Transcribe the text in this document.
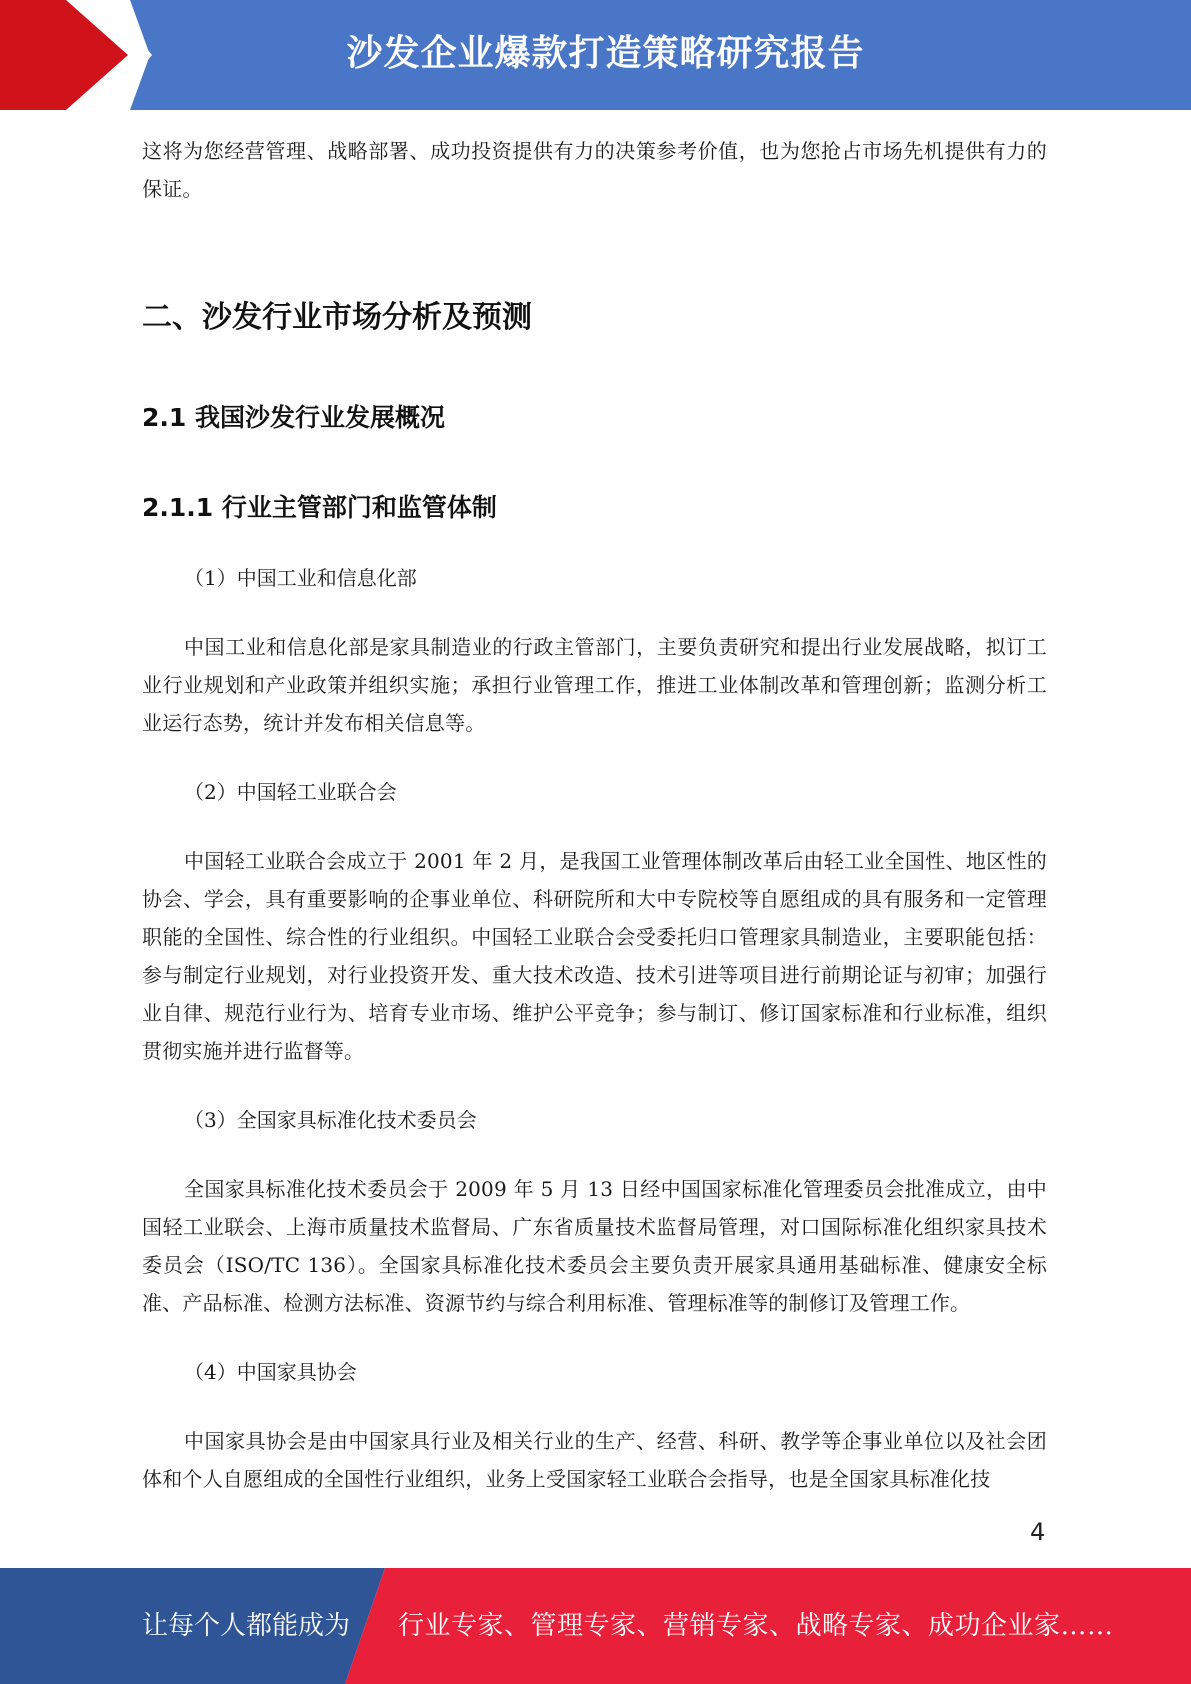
沙发企业爆款打造策略研究报告

这将为您经营管理、战略部署、成功投资提供有力的决策参考价值，也为您抢占市场先机提供有力的保证。

二、沙发行业市场分析及预测
2.1 我国沙发行业发展概况
2.1.1 行业主管部门和监管体制

（1）中国工业和信息化部

中国工业和信息化部是家具制造业的行政主管部门，主要负责研究和提出行业发展战略，拟订工业行业规划和产业政策并组织实施；承担行业管理工作，推进工业体制改革和管理创新；监测分析工业运行态势，统计并发布相关信息等。

（2）中国轻工业联合会

中国轻工业联合会成立于 2001 年 2 月，是我国工业管理体制改革后由轻工业全国性、地区性的协会、学会，具有重要影响的企事业单位、科研院所和大中专院校等自愿组成的具有服务和一定管理职能的全国性、综合性的行业组织。中国轻工业联合会受委托归口管理家具制造业，主要职能包括：参与制定行业规划，对行业投资开发、重大技术改造、技术引进等项目进行前期论证与初审；加强行业自律、规范行业行为、培育专业市场、维护公平竞争；参与制订、修订国家标准和行业标准，组织贯彻实施并进行监督等。

（3）全国家具标准化技术委员会

全国家具标准化技术委员会于 2009 年 5 月 13 日经中国国家标准化管理委员会批准成立，由中国轻工业联会、上海市质量技术监督局、广东省质量技术监督局管理，对口国际标准化组织家具技术委员会（ISO/TC 136）。全国家具标准化技术委员会主要负责开展家具通用基础标准、健康安全标准、产品标准、检测方法标准、资源节约与综合利用标准、管理标准等的制修订及管理工作。

（4）中国家具协会

中国家具协会是由中国家具行业及相关行业的生产、经营、科研、教学等企事业单位以及社会团体和个人自愿组成的全国性行业组织，业务上受国家轻工业联合会指导，也是全国家具标准化技

4
让每个人都能成为 行业专家、管理专家、营销专家、战略专家、成功企业家……
